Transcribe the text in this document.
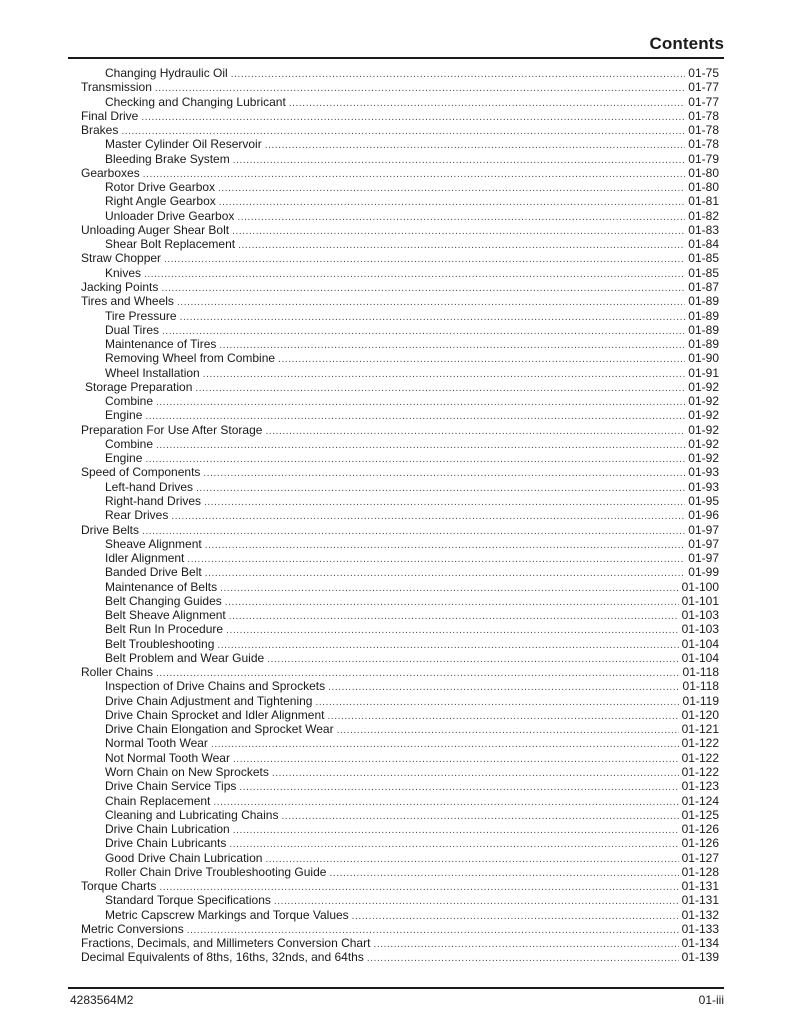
Contents
Changing Hydraulic Oil .....	01-75
Transmission .....	01-77
Checking and Changing Lubricant .....	01-77
Final Drive .....	01-78
Brakes .....	01-78
Master Cylinder Oil Reservoir .....	01-78
Bleeding Brake System .....	01-79
Gearboxes .....	01-80
Rotor Drive Gearbox .....	01-80
Right Angle Gearbox .....	01-81
Unloader Drive Gearbox .....	01-82
Unloading Auger Shear Bolt .....	01-83
Shear Bolt Replacement .....	01-84
Straw Chopper .....	01-85
Knives .....	01-85
Jacking Points .....	01-87
Tires and Wheels .....	01-89
Tire Pressure .....	01-89
Dual Tires .....	01-89
Maintenance of Tires .....	01-89
Removing Wheel from Combine .....	01-90
Wheel Installation .....	01-91
Storage Preparation .....	01-92
Combine .....	01-92
Engine .....	01-92
Preparation For Use After Storage .....	01-92
Combine .....	01-92
Engine .....	01-92
Speed of Components .....	01-93
Left-hand Drives .....	01-93
Right-hand Drives .....	01-95
Rear Drives .....	01-96
Drive Belts .....	01-97
Sheave Alignment .....	01-97
Idler Alignment .....	01-97
Banded Drive Belt .....	01-99
Maintenance of Belts .....	01-100
Belt Changing Guides .....	01-101
Belt Sheave Alignment .....	01-103
Belt Run In Procedure .....	01-103
Belt Troubleshooting .....	01-104
Belt Problem and Wear Guide .....	01-104
Roller Chains .....	01-118
Inspection of Drive Chains and Sprockets .....	01-118
Drive Chain Adjustment and Tightening .....	01-119
Drive Chain Sprocket and Idler Alignment .....	01-120
Drive Chain Elongation and Sprocket Wear .....	01-121
Normal Tooth Wear .....	01-122
Not Normal Tooth Wear .....	01-122
Worn Chain on New Sprockets .....	01-122
Drive Chain Service Tips .....	01-123
Chain Replacement .....	01-124
Cleaning and Lubricating Chains .....	01-125
Drive Chain Lubrication .....	01-126
Drive Chain Lubricants .....	01-126
Good Drive Chain Lubrication .....	01-127
Roller Chain Drive Troubleshooting Guide .....	01-128
Torque Charts .....	01-131
Standard Torque Specifications .....	01-131
Metric Capscrew Markings and Torque Values .....	01-132
Metric Conversions .....	01-133
Fractions, Decimals, and Millimeters Conversion Chart .....	01-134
Decimal Equivalents of 8ths, 16ths, 32nds, and 64ths .....	01-139
4283564M2	01-iii
